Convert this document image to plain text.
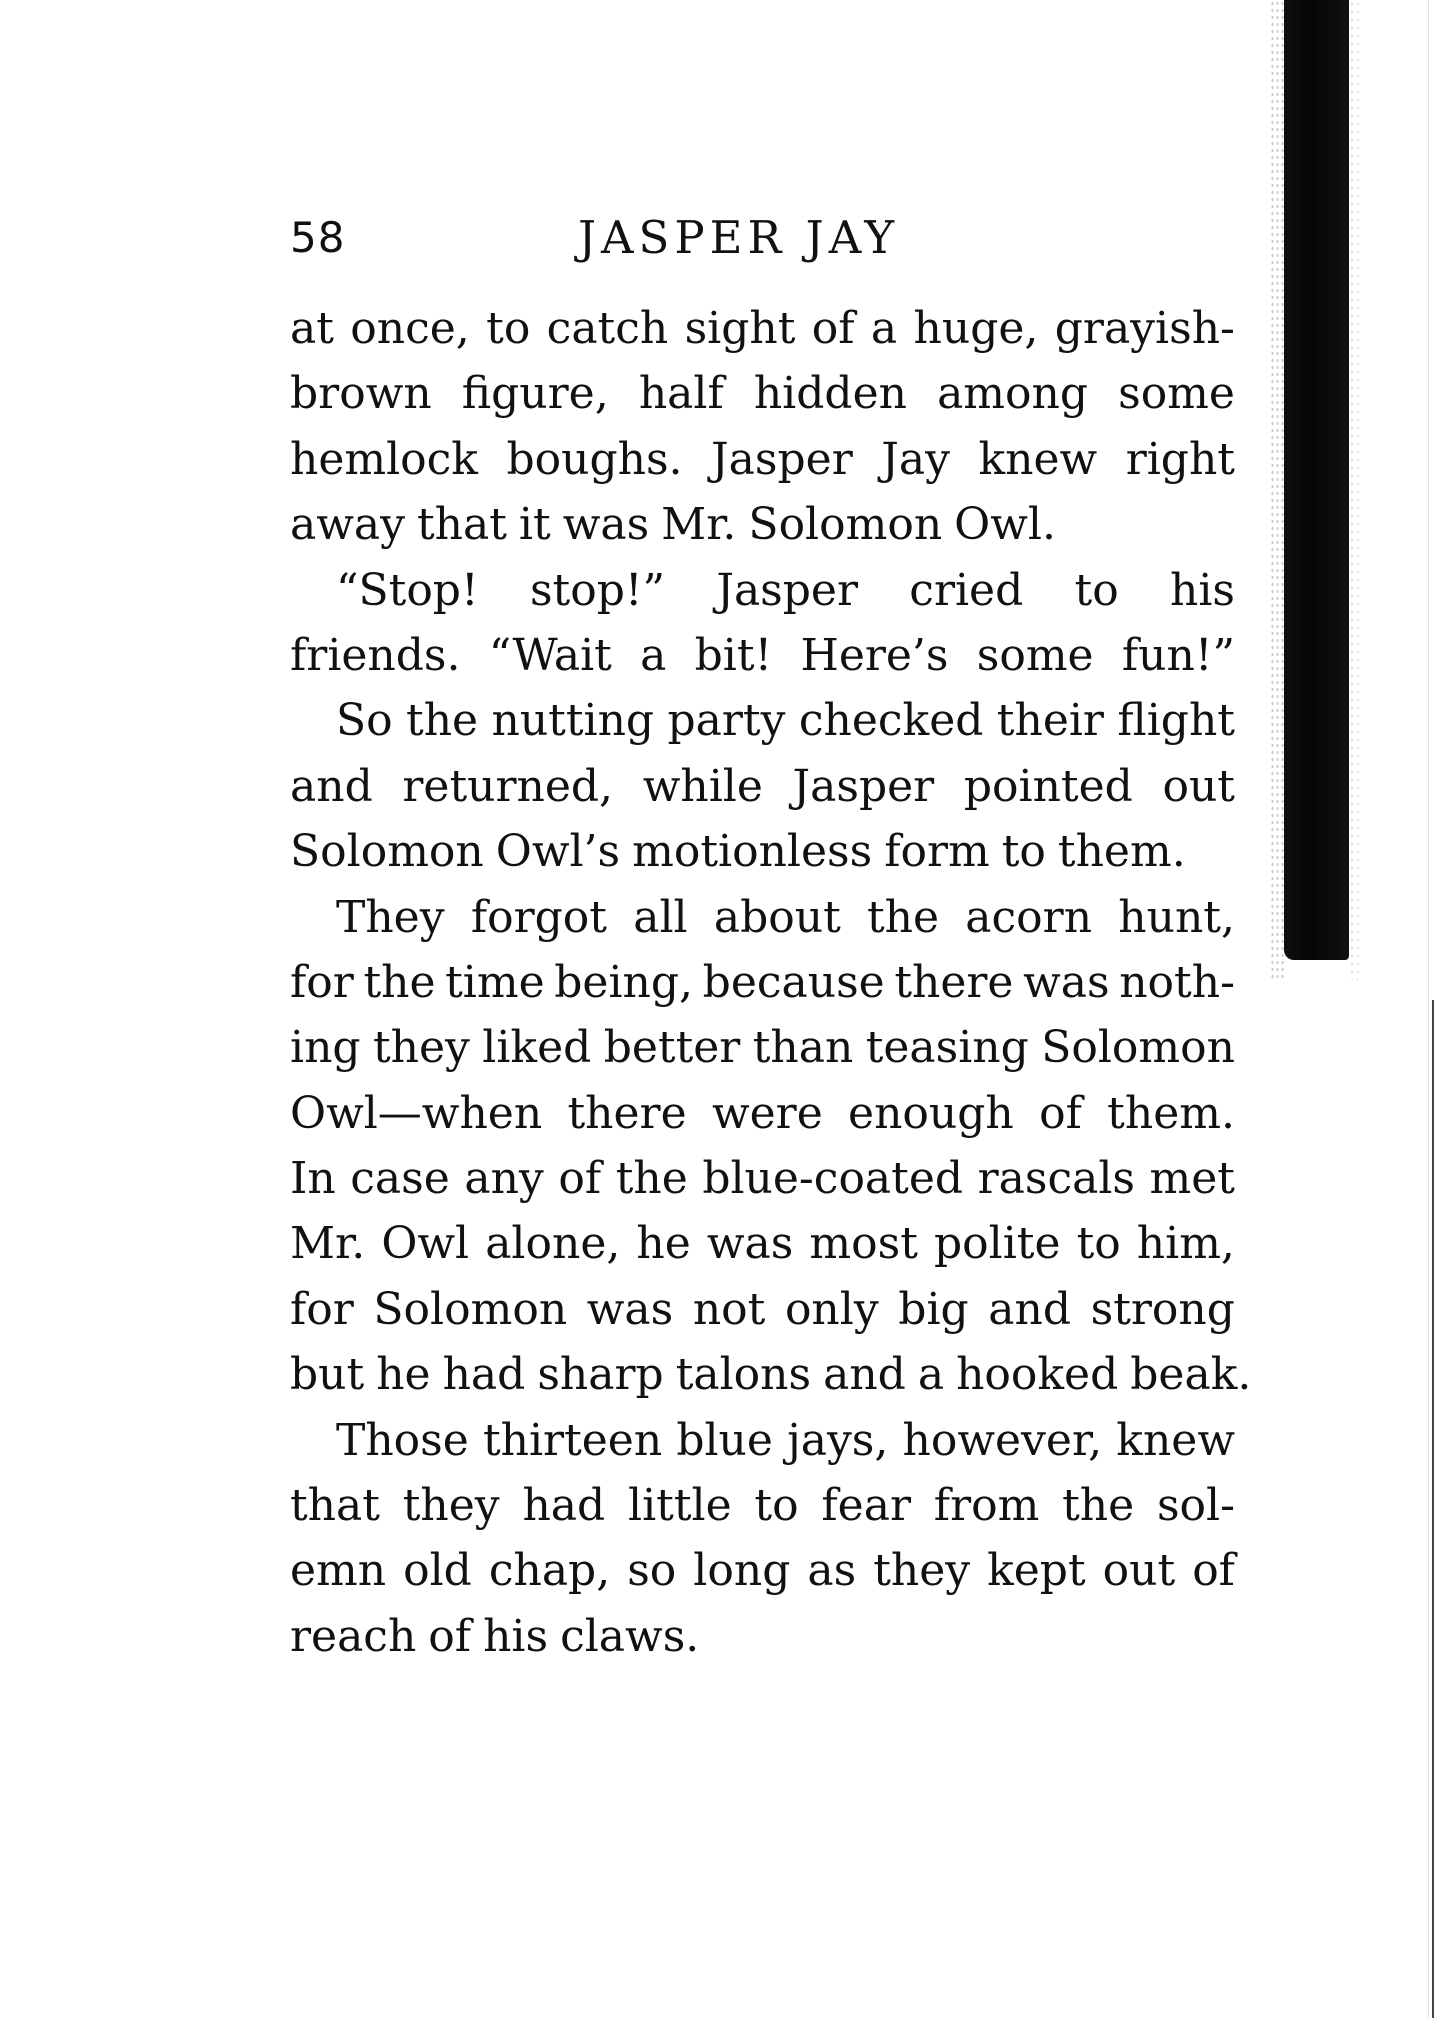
58	JASPER JAY
at once, to catch sight of a huge, grayish-
brown figure, half hidden among some
hemlock boughs. Jasper Jay knew right
away that it was Mr. Solomon Owl.
“Stop! stop!” Jasper cried to his
friends. “Wait a bit! Here’s some fun!”
So the nutting party checked their flight
and returned, while Jasper pointed out
Solomon Owl’s motionless form to them.
They forgot all about the acorn hunt,
for the time being, because there was noth-
ing they liked better than teasing Solomon
Owl—when there were enough of them.
In case any of the blue-coated rascals met
Mr. Owl alone, he was most polite to him,
for Solomon was not only big and strong
but he had sharp talons and a hooked beak.
Those thirteen blue jays, however, knew
that they had little to fear from the sol-
emn old chap, so long as they kept out of
reach of his claws.
